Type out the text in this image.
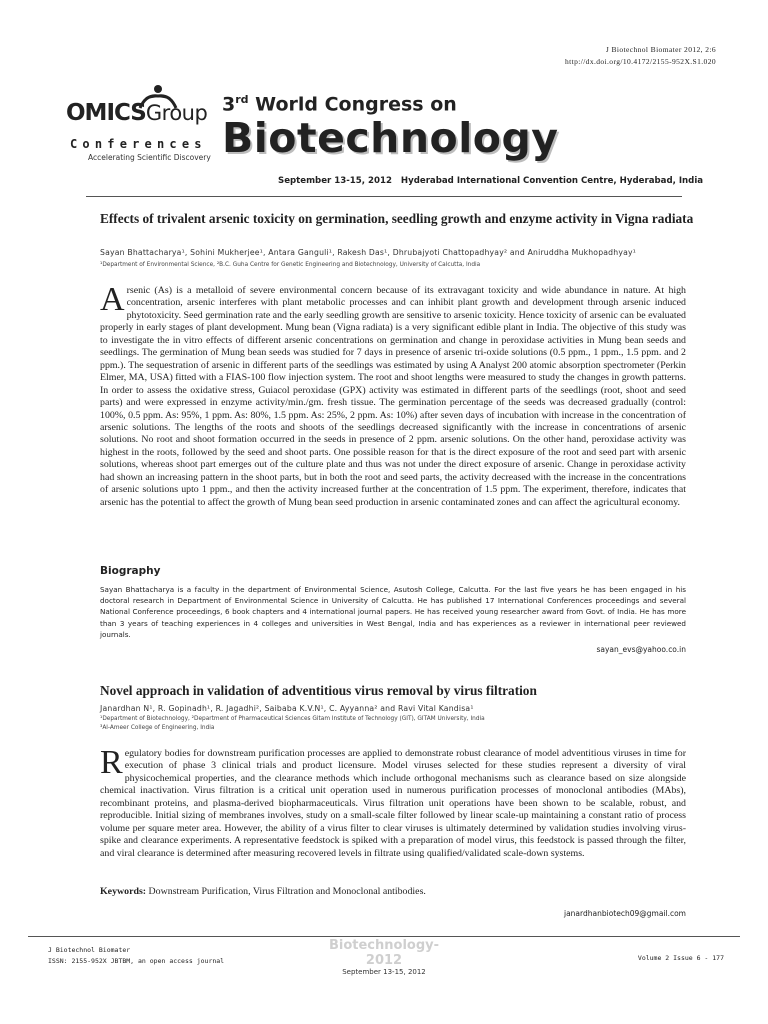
J Biotechnol Biomater 2012, 2:6
http://dx.doi.org/10.4172/2155-952X.S1.020
OMICSGroup
Conferences
Accelerating Scientific Discovery
3rd World Congress on
Biotechnology
September 13-15, 2012 Hyderabad International Convention Centre, Hyderabad, India
Effects of trivalent arsenic toxicity on germination, seedling growth and enzyme activity in Vigna radiata
Sayan Bhattacharya¹, Sohini Mukherjee¹, Antara Ganguli¹, Rakesh Das¹, Dhrubajyoti Chattopadhyay² and Aniruddha Mukhopadhyay¹
¹Department of Environmental Science, ²B.C. Guha Centre for Genetic Engineering and Biotechnology, University of Calcutta, India
Arsenic (As) is a metalloid of severe environmental concern because of its extravagant toxicity and wide abundance in nature. At high concentration, arsenic interferes with plant metabolic processes and can inhibit plant growth and development through arsenic induced phytotoxicity. Seed germination rate and the early seedling growth are sensitive to arsenic toxicity. Hence toxicity of arsenic can be evaluated properly in early stages of plant development. Mung bean (Vigna radiata) is a very significant edible plant in India. The objective of this study was to investigate the in vitro effects of different arsenic concentrations on germination and change in peroxidase activities in Mung bean seeds and seedlings. The germination of Mung bean seeds was studied for 7 days in presence of arsenic tri-oxide solutions (0.5 ppm., 1 ppm., 1.5 ppm. and 2 ppm.). The sequestration of arsenic in different parts of the seedlings was estimated by using A Analyst 200 atomic absorption spectrometer (Perkin Elmer, MA, USA) fitted with a FIAS-100 flow injection system. The root and shoot lengths were measured to study the changes in growth patterns. In order to assess the oxidative stress, Guiacol peroxidase (GPX) activity was estimated in different parts of the seedlings (root, shoot and seed parts) and were expressed in enzyme activity/min./gm. fresh tissue. The germination percentage of the seeds was decreased gradually (control: 100%, 0.5 ppm. As: 95%, 1 ppm. As: 80%, 1.5 ppm. As: 25%, 2 ppm. As: 10%) after seven days of incubation with increase in the concentration of arsenic solutions. The lengths of the roots and shoots of the seedlings decreased significantly with the increase in concentrations of arsenic solutions. No root and shoot formation occurred in the seeds in presence of 2 ppm. arsenic solutions. On the other hand, peroxidase activity was highest in the roots, followed by the seed and shoot parts. One possible reason for that is the direct exposure of the root and seed part with arsenic solutions, whereas shoot part emerges out of the culture plate and thus was not under the direct exposure of arsenic. Change in peroxidase activity had shown an increasing pattern in the shoot parts, but in both the root and seed parts, the activity decreased with the increase in the concentrations of arsenic solutions upto 1 ppm., and then the activity increased further at the concentration of 1.5 ppm. The experiment, therefore, indicates that arsenic has the potential to affect the growth of Mung bean seed production in arsenic contaminated zones and can affect the agricultural economy.
Biography
Sayan Bhattacharya is a faculty in the department of Environmental Science, Asutosh College, Calcutta. For the last five years he has been engaged in his doctoral research in Department of Environmental Science in University of Calcutta. He has published 17 International Conferences proceedings and several National Conference proceedings, 6 book chapters and 4 international journal papers. He has received young researcher award from Govt. of India. He has more than 3 years of teaching experiences in 4 colleges and universities in West Bengal, India and has experiences as a reviewer in international peer reviewed journals.
sayan_evs@yahoo.co.in
Novel approach in validation of adventitious virus removal by virus filtration
Janardhan N¹, R. Gopinadh¹, R. Jagadhi², Saibaba K.V.N¹, C. Ayyanna² and Ravi Vital Kandisa¹
¹Department of Biotechnology, ²Department of Pharmaceutical Sciences Gitam Institute of Technology (GIT), GITAM University, India
³Al-Ameer College of Engineering, India
Regulatory bodies for downstream purification processes are applied to demonstrate robust clearance of model adventitious viruses in time for execution of phase 3 clinical trials and product licensure. Model viruses selected for these studies represent a diversity of viral physicochemical properties, and the clearance methods which include orthogonal mechanisms such as clearance based on size alongside chemical inactivation. Virus filtration is a critical unit operation used in numerous purification processes of monoclonal antibodies (MAbs), recombinant proteins, and plasma-derived biopharmaceuticals. Virus filtration unit operations have been shown to be scalable, robust, and reproducible. Initial sizing of membranes involves, study on a small-scale filter followed by linear scale-up maintaining a constant ratio of process volume per square meter area. However, the ability of a virus filter to clear viruses is ultimately determined by validation studies involving virus-spike and clearance experiments. A representative feedstock is spiked with a preparation of model virus, this feedstock is passed through the filter, and viral clearance is determined after measuring recovered levels in filtrate using qualified/validated scale-down systems.
Keywords: Downstream Purification, Virus Filtration and Monoclonal antibodies.
janardhanbiotech09@gmail.com
J Biotechnol Biomater
ISSN: 2155-952X JBTBM, an open access journal
Biotechnology-2012
September 13-15, 2012
Volume 2 Issue 6 - 177
